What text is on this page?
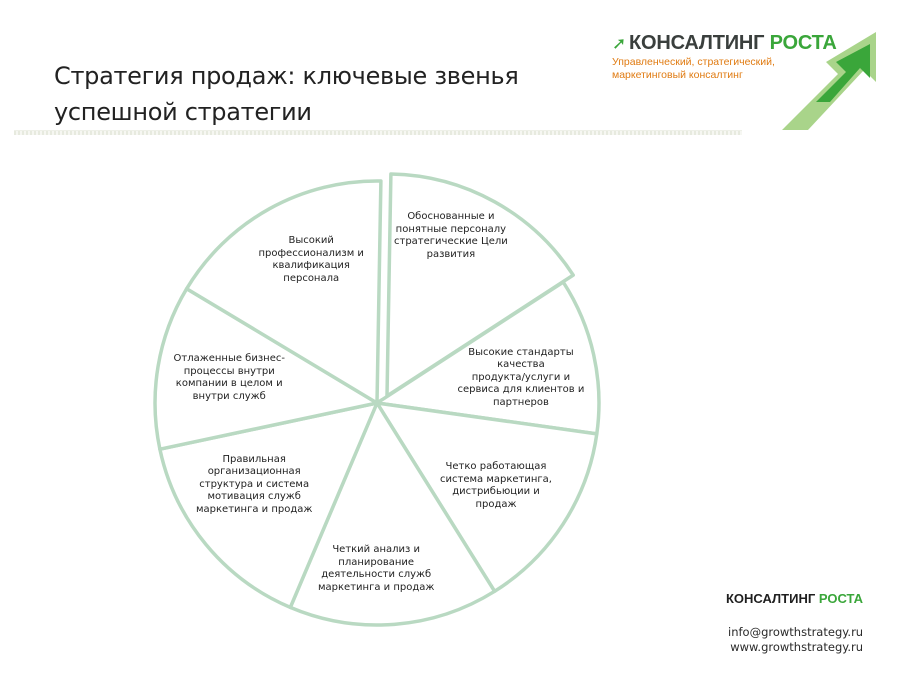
Стратегия продаж: ключевые звенья
успешной стратегии
➚ КОНСАЛТИНГ РОСТА
Управленческий, стратегический,
маркетинговый консалтинг
Обоснованные и
понятные персоналу
стратегические Цели
развития
Высокие стандарты
качества
продукта/услуги и
сервиса для клиентов и
партнеров
Четко работающая
система маркетинга,
дистрибьюции и
продаж
Четкий анализ и
планирование
деятельности служб
маркетинга и продаж
Правильная
организационная
структура и система
мотивация служб
маркетинга и продаж
Отлаженные бизнес-
процессы внутри
компании в целом и
внутри служб
Высокий
профессионализм и
квалификация
персонала
КОНСАЛТИНГ РОСТА
info@growthstrategy.ru
www.growthstrategy.ru
